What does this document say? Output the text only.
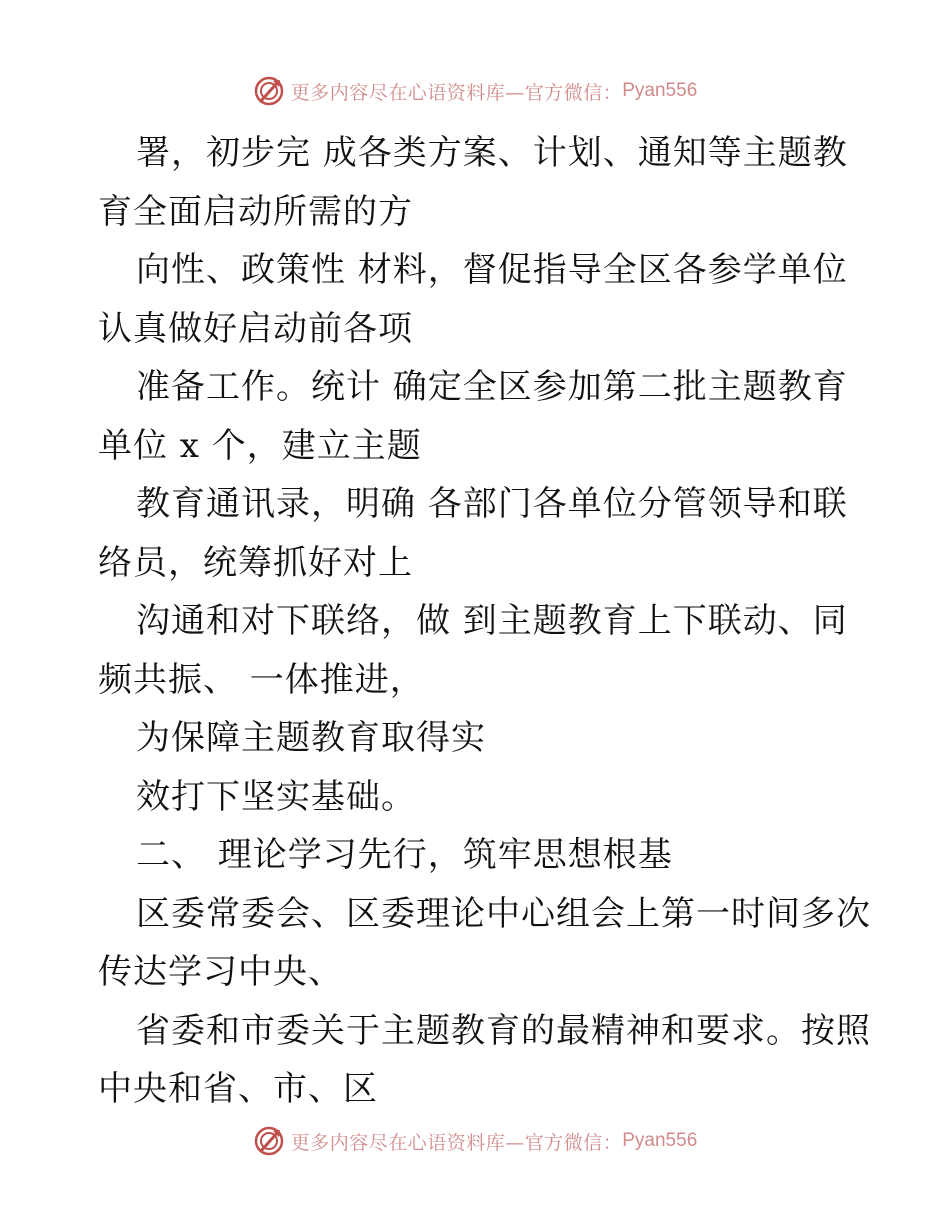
更多内容尽在心语资料库—官方微信： Pyan556
署，初步完 成各类方案、计划、通知等主题教
育全面启动所需的方
向性、政策性 材料，督促指导全区各参学单位
认真做好启动前各项
准备工作。统计 确定全区参加第二批主题教育
单位 x 个，建立主题
教育通讯录，明确 各部门各单位分管领导和联
络员，统筹抓好对上
沟通和对下联络，做 到主题教育上下联动、同
频共振、 一体推进，
为保障主题教育取得实
效打下坚实基础。
二、 理论学习先行，筑牢思想根基
区委常委会、区委理论中心组会上第一时间多次
传达学习中央、
省委和市委关于主题教育的最精神和要求。按照
中央和省、市、区
更多内容尽在心语资料库—官方微信： Pyan556
